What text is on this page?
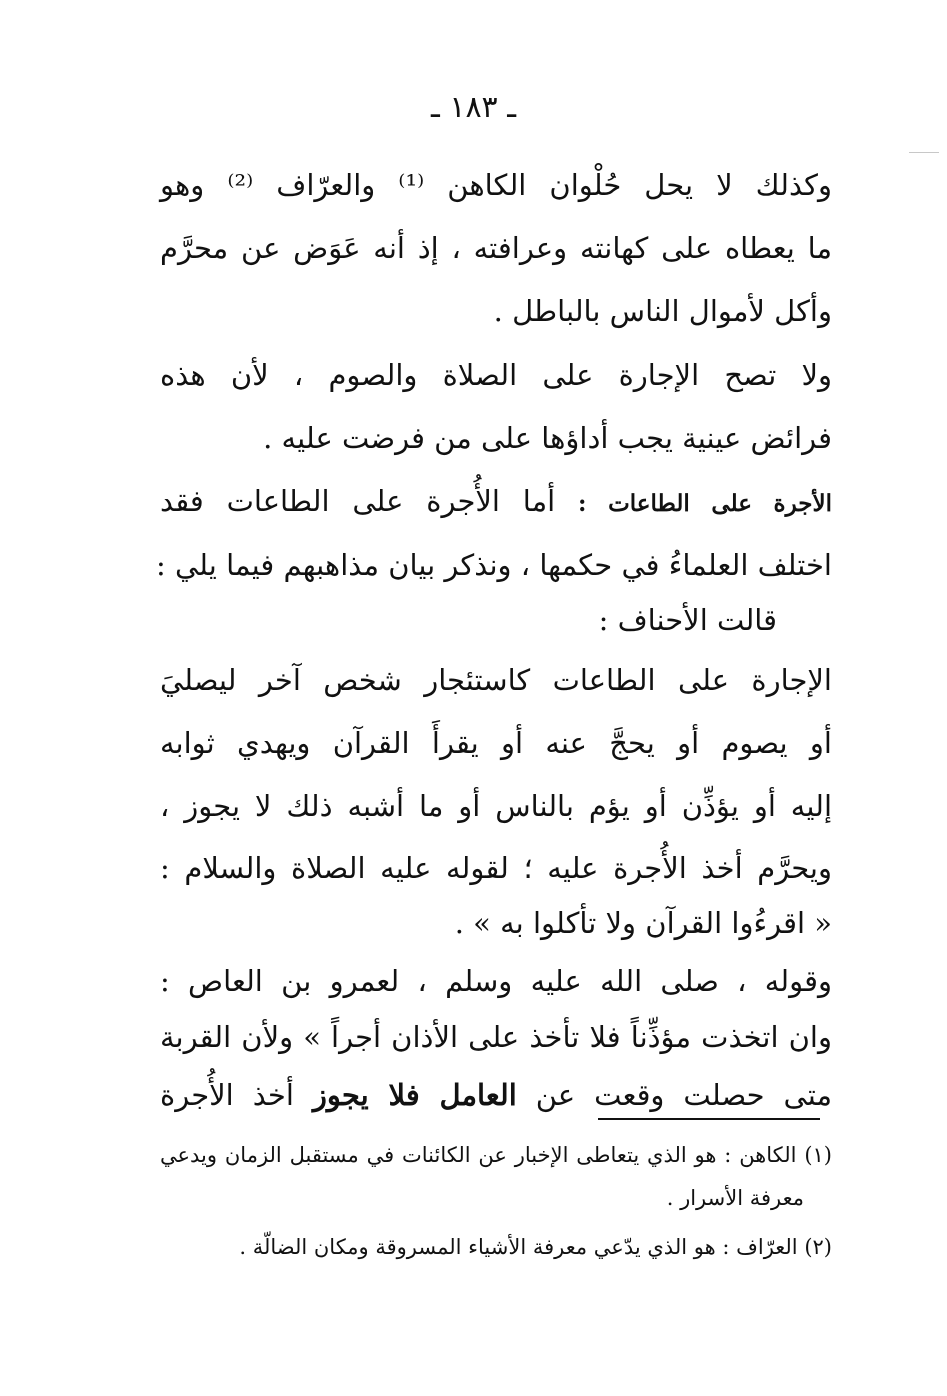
ـ ١٨٣ ـ
وكذلك لا يحل حُلْوان الكاهن ⁽¹⁾ والعرّاف ⁽²⁾ وهو
ما يعطاه على كهانته وعرافته ، إذ أنه عَوَض عن محرَّم
وأكل لأموال الناس بالباطل .
ولا تصح الإجارة على الصلاة والصوم ، لأن هذه
فرائض عينية يجب أداؤها على من فرضت عليه .
الأجرة على الطاعات : أما الأُجرة على الطاعات فقد
اختلف العلماءُ في حكمها ، ونذكر بيان مذاهبهم فيما يلي :
قالت الأحناف :
الإجارة على الطاعات كاستئجار شخص آخر ليصليَ
أو يصوم أو يحجَّ عنه أو يقرأَ القرآن ويهدي ثوابه
إليه أو يؤذِّن أو يؤم بالناس أو ما أشبه ذلك لا يجوز ،
ويحرَّم أخذ الأُجرة عليه ؛ لقوله عليه الصلاة والسلام :
« اقرءُوا القرآن ولا تأكلوا به » .
وقوله ، صلى الله عليه وسلم ، لعمرو بن العاص :
وان اتخذت مؤذِّناً فلا تأخذ على الأذان أجراً » ولأن القربة
متى حصلت وقعت عن العامل فلا يجوز أخذ الأُجرة
(١) الكاهن : هو الذي يتعاطى الإخبار عن الكائنات في مستقبل الزمان ويدعي
معرفة الأسرار .
(٢) العرّاف : هو الذي يدّعي معرفة الأشياء المسروقة ومكان الضالّة .
